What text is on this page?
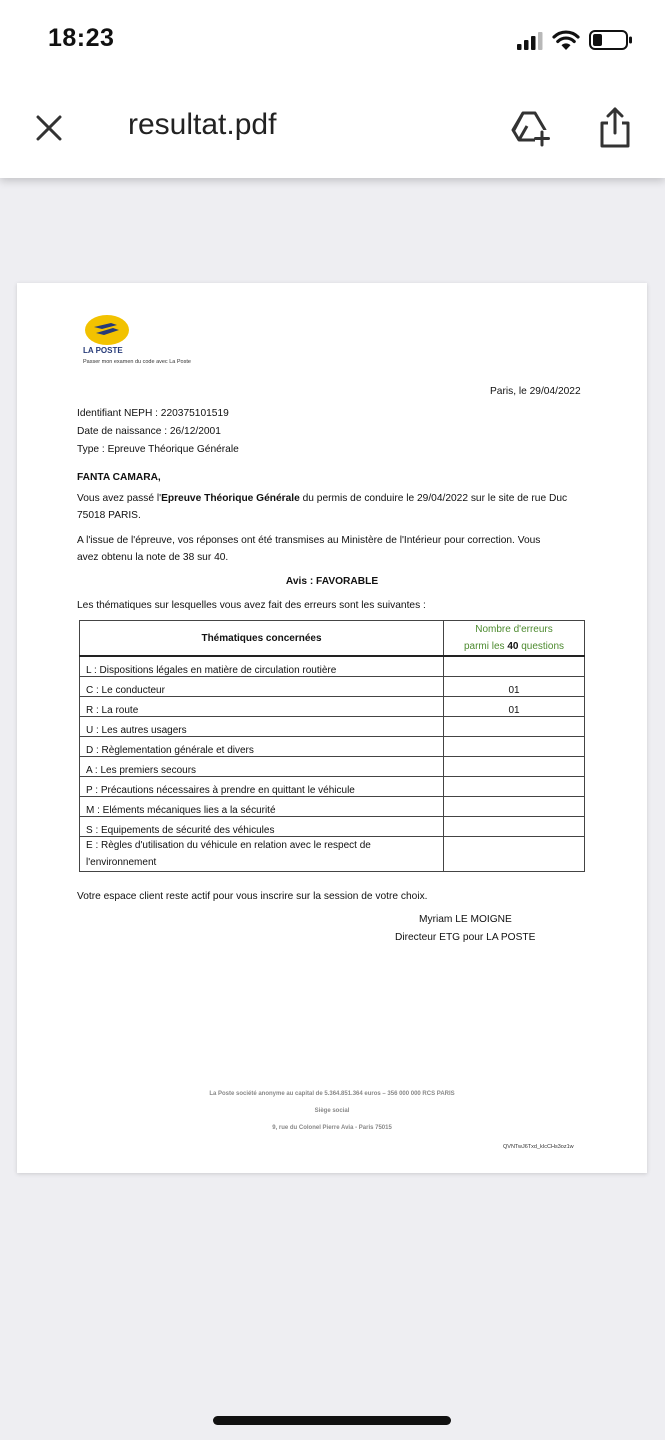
18:23
resultat.pdf
LA POSTE
Passer mon examen du code avec La Poste
Paris, le 29/04/2022
Identifiant NEPH : 220375101519
Date de naissance : 26/12/2001
Type : Epreuve Théorique Générale
FANTA CAMARA,
Vous avez passé l'Epreuve Théorique Générale du permis de conduire le 29/04/2022 sur le site de rue Duc
75018 PARIS.
A l'issue de l'épreuve, vos réponses ont été transmises au Ministère de l'Intérieur pour correction. Vous
avez obtenu la note de 38 sur 40.
Avis : FAVORABLE
Les thématiques sur lesquelles vous avez fait des erreurs sont les suivantes :
Thématiques concernées	Nombre d'erreurs
parmi les 40 questions

L : Dispositions légales en matière de circulation routière	
C : Le conducteur	01
R : La route	01
U : Les autres usagers	
D : Règlementation générale et divers	
A : Les premiers secours	
P : Précautions nécessaires à prendre en quittant le véhicule	
M : Eléments mécaniques lies a la sécurité	
S : Equipements de sécurité des véhicules	

E : Règles d'utilisation du véhicule en relation avec le respect de
l'environnement	

Votre espace client reste actif pour vous inscrire sur la session de votre choix.
Myriam LE MOIGNE
Directeur ETG pour LA POSTE
La Poste société anonyme au capital de 5.364.851.364 euros – 356 000 000 RCS PARIS
Siège social
9, rue du Colonel Pierre Avia - Paris 75015
QVNTwJ6Txd_kIcCHs3oz1w
